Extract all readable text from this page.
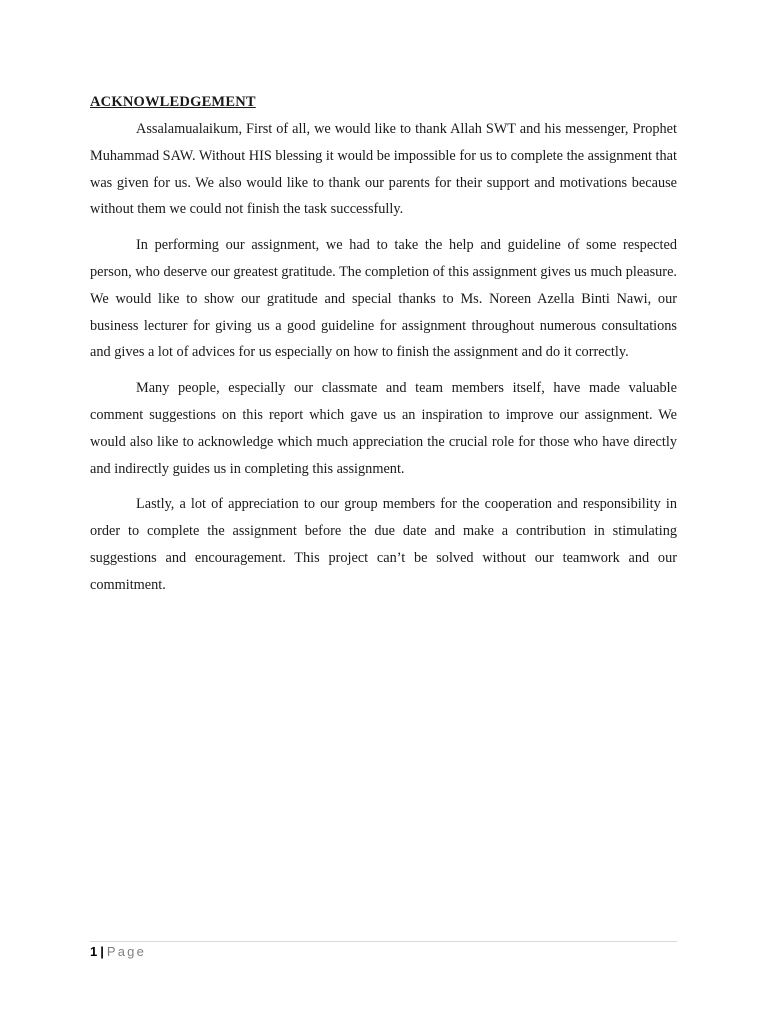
ACKNOWLEDGEMENT

Assalamualaikum, First of all, we would like to thank Allah SWT and his messenger, Prophet Muhammad SAW. Without HIS blessing it would be impossible for us to complete the assignment that was given for us. We also would like to thank our parents for their support and motivations because without them we could not finish the task successfully.

In performing our assignment, we had to take the help and guideline of some respected person, who deserve our greatest gratitude. The completion of this assignment gives us much pleasure. We would like to show our gratitude and special thanks to Ms. Noreen Azella Binti Nawi, our business lecturer for giving us a good guideline for assignment throughout numerous consultations and gives a lot of advices for us especially on how to finish the assignment and do it correctly.

Many people, especially our classmate and team members itself, have made valuable comment suggestions on this report which gave us an inspiration to improve our assignment. We would also like to acknowledge which much appreciation the crucial role for those who have directly and indirectly guides us in completing this assignment.

Lastly, a lot of appreciation to our group members for the cooperation and responsibility in order to complete the assignment before the due date and make a contribution in stimulating suggestions and encouragement. This project can’t be solved without our teamwork and our commitment.

1 | Page
